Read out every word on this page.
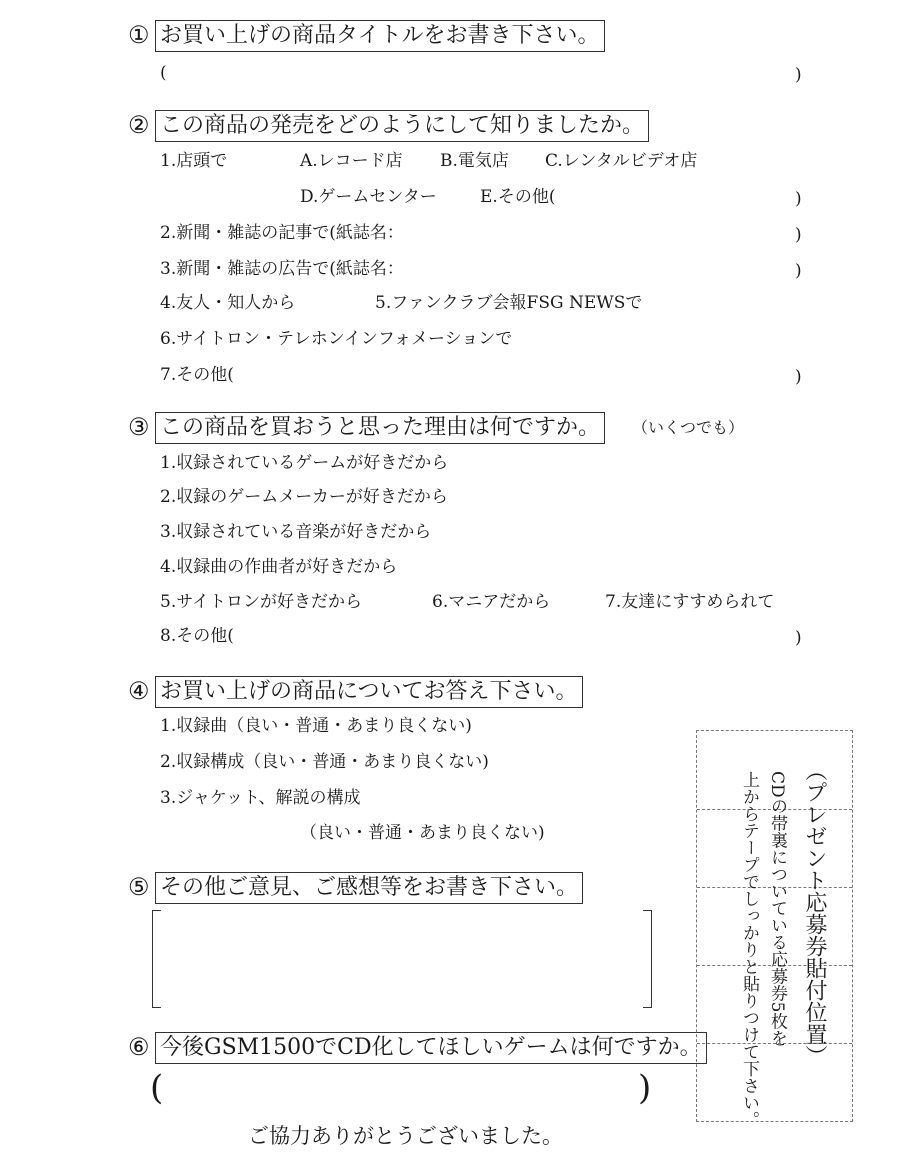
① お買い上げの商品タイトルをお書き下さい。
(	)
② この商品の発売をどのようにして知りましたか。
1.店頭で	A.レコード店 B.電気店 C.レンタルビデオ店
D.ゲームセンター	E.その他(	)
2.新聞・雑誌の記事で(紙誌名：	)
3.新聞・雑誌の広告で(紙誌名：	)
4.友人・知人から	5.ファンクラブ会報FSG NEWSで
6.サイトロン・テレホンインフォメーションで
7.その他(	)
③ この商品を買おうと思った理由は何ですか。	（いくつでも）
1.収録されているゲームが好きだから
2.収録のゲームメーカーが好きだから
3.収録されている音楽が好きだから
4.収録曲の作曲者が好きだから
5.サイトロンが好きだから	6.マニアだから	7.友達にすすめられて
8.その他(	)
④ お買い上げの商品についてお答え下さい。
1.収録曲（良い・普通・あまり良くない)
2.収録構成（良い・普通・あまり良くない)
3.ジャケット、解説の構成
（良い・普通・あまり良くない)
⑤ その他ご意見、ご感想等をお書き下さい。
⑥ 今後GSM1500でCD化してほしいゲームは何ですか。
(	)
（プレゼント応募券貼付位置）
CDの帯裏についている応募券5枚を
上からテープでしっかりと貼りつけて下さい。
ご協力ありがとうございました。
